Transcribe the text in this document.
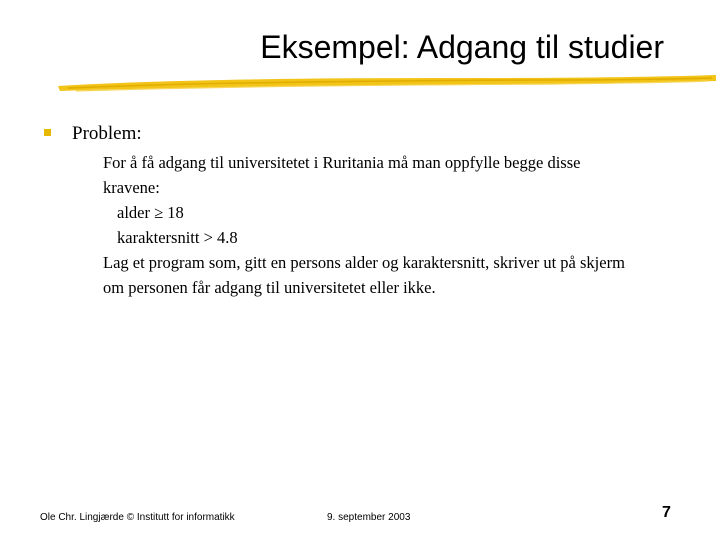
Eksempel: Adgang til studier
Problem:
For å få adgang til universitetet i Ruritania må man oppfylle begge disse
kravene:
alder ≥ 18
karaktersnitt > 4.8
Lag et program som, gitt en persons alder og karaktersnitt, skriver ut på skjerm
om personen får adgang til universitetet eller ikke.
Ole Chr. Lingjærde © Institutt for informatikk	9. september 2003	7
